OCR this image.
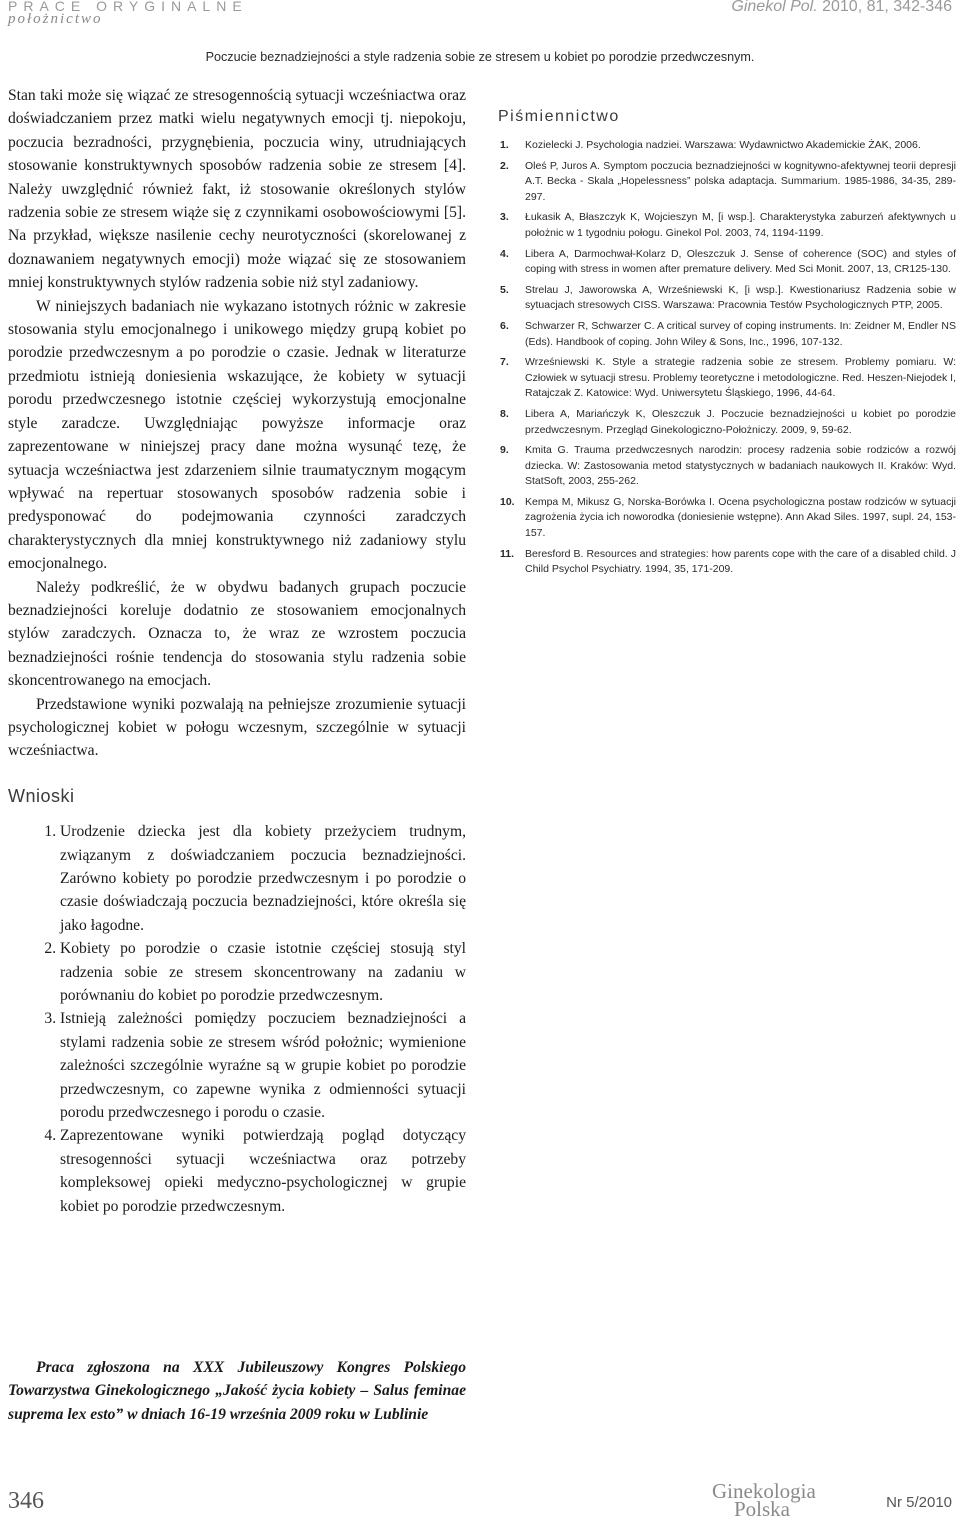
PRACE ORYGINALNE
położnictwo
Ginekol Pol. 2010, 81, 342-346
Poczucie beznadziejności a style radzenia sobie ze stresem u kobiet po porodzie przedwczesnym.

Stan taki może się wiązać ze stresogennością sytuacji wcześniactwa oraz doświadczaniem przez matki wielu negatywnych emocji tj. niepokoju, poczucia bezradności, przygnębienia, poczucia winy, utrudniających stosowanie konstruktywnych sposobów radzenia sobie ze stresem [4]. Należy uwzględnić również fakt, iż stosowanie określonych stylów radzenia sobie ze stresem wiąże się z czynnikami osobowościowymi [5]. Na przykład, większe nasilenie cechy neurotyczności (skorelowanej z doznawaniem negatywnych emocji) może wiązać się ze stosowaniem mniej konstruktywnych stylów radzenia sobie niż styl zadaniowy.

W niniejszych badaniach nie wykazano istotnych różnic w zakresie stosowania stylu emocjonalnego i unikowego między grupą kobiet po porodzie przedwczesnym a po porodzie o czasie. Jednak w literaturze przedmiotu istnieją doniesienia wskazujące, że kobiety w sytuacji porodu przedwczesnego istotnie częściej wykorzystują emocjonalne style zaradcze. Uwzględniając powyższe informacje oraz zaprezentowane w niniejszej pracy dane można wysunąć tezę, że sytuacja wcześniactwa jest zdarzeniem silnie traumatycznym mogącym wpływać na repertuar stosowanych sposobów radzenia sobie i predysponować do podejmowania czynności zaradczych charakterystycznych dla mniej konstruktywnego niż zadaniowy stylu emocjonalnego.

Należy podkreślić, że w obydwu badanych grupach poczucie beznadziejności koreluje dodatnio ze stosowaniem emocjonalnych stylów zaradczych. Oznacza to, że wraz ze wzrostem poczucia beznadziejności rośnie tendencja do stosowania stylu radzenia sobie skoncentrowanego na emocjach.

Przedstawione wyniki pozwalają na pełniejsze zrozumienie sytuacji psychologicznej kobiet w połogu wczesnym, szczególnie w sytuacji wcześniactwa.

Wnioski
1. Urodzenie dziecka jest dla kobiety przeżyciem trudnym, związanym z doświadczaniem poczucia beznadziejności. Zarówno kobiety po porodzie przedwczesnym i po porodzie o czasie doświadczają poczucia beznadziejności, które określa się jako łagodne.
2. Kobiety po porodzie o czasie istotnie częściej stosują styl radzenia sobie ze stresem skoncentrowany na zadaniu w porównaniu do kobiet po porodzie przedwczesnym.
3. Istnieją zależności pomiędzy poczuciem beznadziejności a stylami radzenia sobie ze stresem wśród położnic; wymienione zależności szczególnie wyraźne są w grupie kobiet po porodzie przedwczesnym, co zapewne wynika z odmienności sytuacji porodu przedwczesnego i porodu o czasie.
4. Zaprezentowane wyniki potwierdzają pogląd dotyczący stresogenności sytuacji wcześniactwa oraz potrzeby kompleksowej opieki medyczno-psychologicznej w grupie kobiet po porodzie przedwczesnym.
Piśmiennictwo
1. Kozielecki J. Psychologia nadziei. Warszawa: Wydawnictwo Akademickie ŻAK, 2006.
2. Oleś P, Juros A. Symptom poczucia beznadziejności w kognitywno-afektywnej teorii depresji A.T. Becka - Skala „Hopelessness” polska adaptacja. Summarium. 1985-1986, 34-35, 289-297.
3. Łukasik A, Błaszczyk K, Wojcieszyn M, [i wsp.]. Charakterystyka zaburzeń afektywnych u położnic w 1 tygodniu połogu. Ginekol Pol. 2003, 74, 1194-1199.
4. Libera A, Darmochwał-Kolarz D, Oleszczuk J. Sense of coherence (SOC) and styles of coping with stress in women after premature delivery. Med Sci Monit. 2007, 13, CR125-130.
5. Strelau J, Jaworowska A, Wrześniewski K, [i wsp.]. Kwestionariusz Radzenia sobie w sytuacjach stresowych CISS. Warszawa: Pracownia Testów Psychologicznych PTP, 2005.
6. Schwarzer R, Schwarzer C. A critical survey of coping instruments. In: Zeidner M, Endler NS (Eds). Handbook of coping. John Wiley & Sons, Inc., 1996, 107-132.
7. Wrześniewski K. Style a strategie radzenia sobie ze stresem. Problemy pomiaru. W: Człowiek w sytuacji stresu. Problemy teoretyczne i metodologiczne. Red. Heszen-Niejodek I, Ratajczak Z. Katowice: Wyd. Uniwersytetu Śląskiego, 1996, 44-64.
8. Libera A, Mariańczyk K, Oleszczuk J. Poczucie beznadziejności u kobiet po porodzie przedwczesnym. Przegląd Ginekologiczno-Położniczy. 2009, 9, 59-62.
9. Kmita G. Trauma przedwczesnych narodzin: procesy radzenia sobie rodziców a rozwój dziecka. W: Zastosowania metod statystycznych w badaniach naukowych II. Kraków: Wyd. StatSoft, 2003, 255-262.
10. Kempa M, Mikusz G, Norska-Borówka I. Ocena psychologiczna postaw rodziców w sytuacji zagrożenia życia ich noworodka (doniesienie wstępne). Ann Akad Siles. 1997, supl. 24, 153-157.
11. Beresford B. Resources and strategies: how parents cope with the care of a disabled child. J Child Psychol Psychiatry. 1994, 35, 171-209.

Praca zgłoszona na XXX Jubileuszowy Kongres Polskiego Towarzystwa Ginekologicznego „Jakość życia kobiety – Salus feminae suprema lex esto” w dniach 16-19 września 2009 roku w Lublinie

346	Ginekologia
Polska	Nr 5/2010
